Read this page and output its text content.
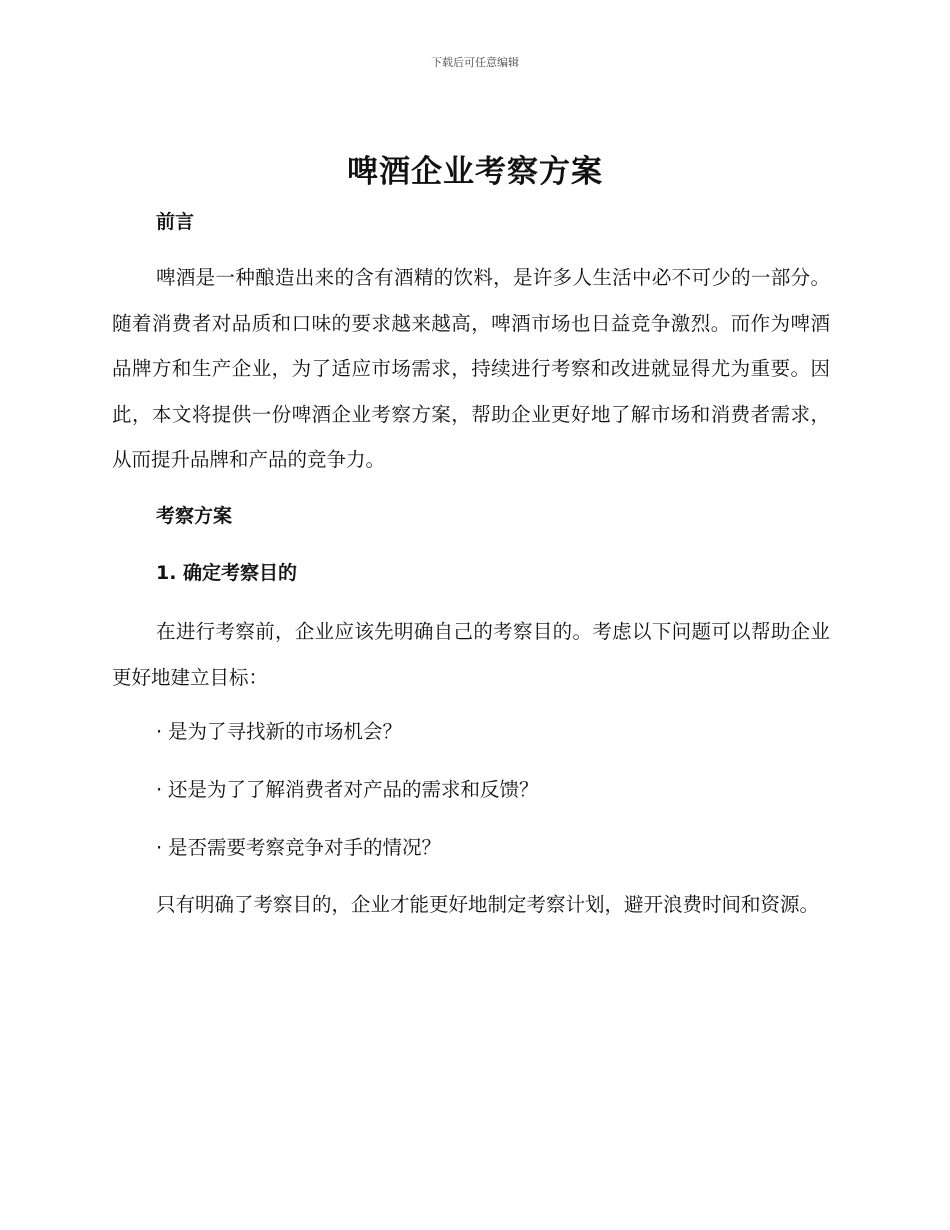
下载后可任意编辑
啤酒企业考察方案
前言

啤酒是一种酿造出来的含有酒精的饮料，是许多人生活中必不可少的一部分。随着消费者对品质和口味的要求越来越高，啤酒市场也日益竞争激烈。而作为啤酒品牌方和生产企业，为了适应市场需求，持续进行考察和改进就显得尤为重要。因此，本文将提供一份啤酒企业考察方案，帮助企业更好地了解市场和消费者需求，从而提升品牌和产品的竞争力。

考察方案
1. 确定考察目的

在进行考察前，企业应该先明确自己的考察目的。考虑以下问题可以帮助企业更好地建立目标：

· 是为了寻找新的市场机会？

· 还是为了了解消费者对产品的需求和反馈？

· 是否需要考察竞争对手的情况？

只有明确了考察目的，企业才能更好地制定考察计划，避开浪费时间和资源。
